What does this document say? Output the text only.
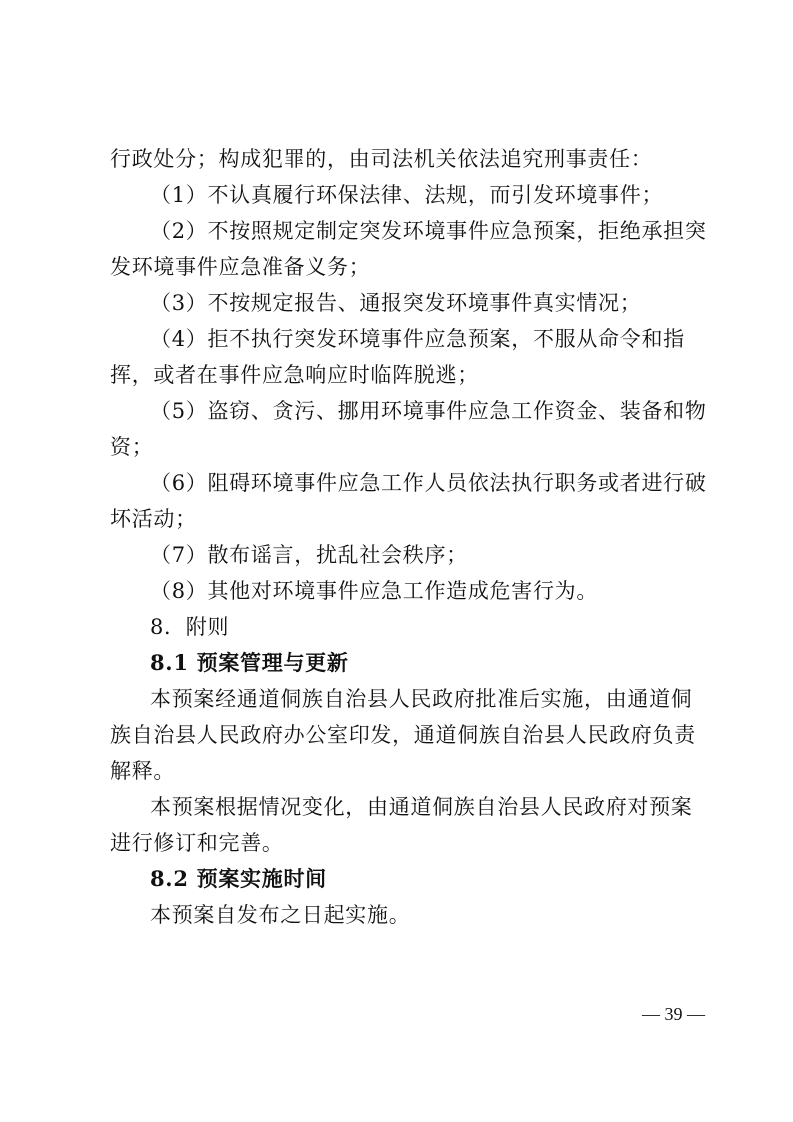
行政处分；构成犯罪的，由司法机关依法追究刑事责任：
（1）不认真履行环保法律、法规，而引发环境事件；
（2）不按照规定制定突发环境事件应急预案，拒绝承担突
发环境事件应急准备义务；
（3）不按规定报告、通报突发环境事件真实情况；
（4）拒不执行突发环境事件应急预案，不服从命令和指
挥，或者在事件应急响应时临阵脱逃；
（5）盗窃、贪污、挪用环境事件应急工作资金、装备和物
资；
（6）阻碍环境事件应急工作人员依法执行职务或者进行破
坏活动；
（7）散布谣言，扰乱社会秩序；
（8）其他对环境事件应急工作造成危害行为。
8．附则
8.1 预案管理与更新
本预案经通道侗族自治县人民政府批准后实施，由通道侗
族自治县人民政府办公室印发，通道侗族自治县人民政府负责
解释。
本预案根据情况变化，由通道侗族自治县人民政府对预案
进行修订和完善。
8.2 预案实施时间
本预案自发布之日起实施。
— 39 —
